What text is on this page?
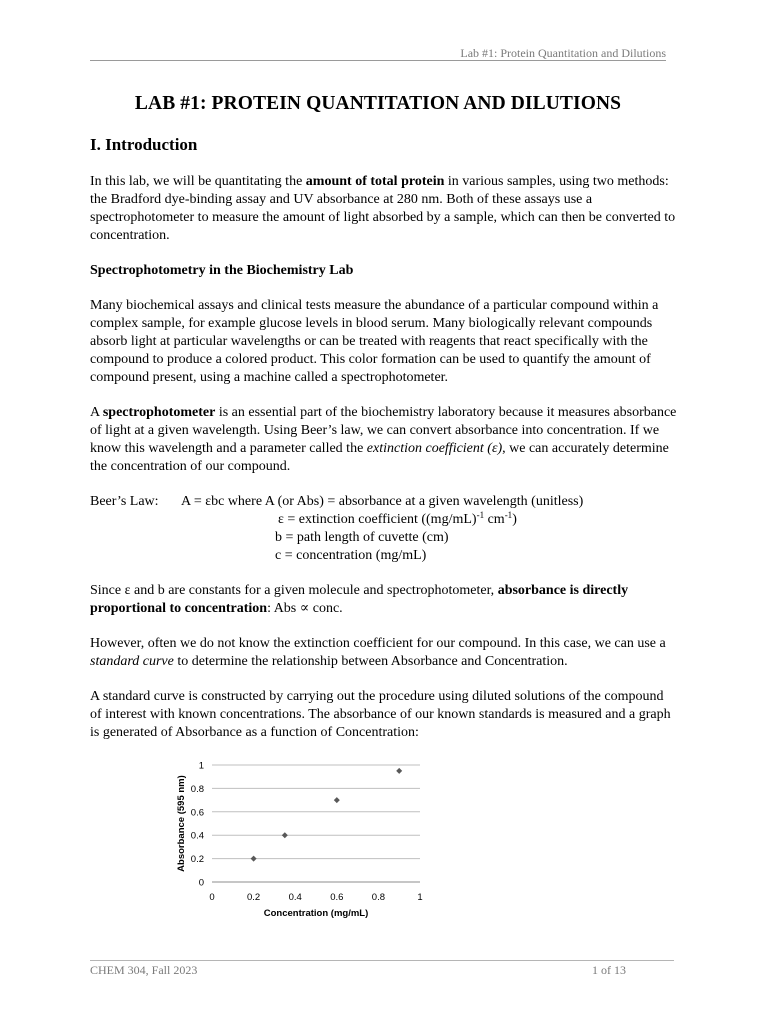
Lab #1: Protein Quantitation and Dilutions
LAB #1: PROTEIN QUANTITATION AND DILUTIONS
I. Introduction

In this lab, we will be quantitating the amount of total protein in various samples, using two methods: the Bradford dye-binding assay and UV absorbance at 280 nm. Both of these assays use a spectrophotometer to measure the amount of light absorbed by a sample, which can then be converted to concentration.

Spectrophotometry in the Biochemistry Lab

Many biochemical assays and clinical tests measure the abundance of a particular compound within a complex sample, for example glucose levels in blood serum. Many biologically relevant compounds absorb light at particular wavelengths or can be treated with reagents that react specifically with the compound to produce a colored product. This color formation can be used to quantify the amount of compound present, using a machine called a spectrophotometer.

A spectrophotometer is an essential part of the biochemistry laboratory because it measures absorbance of light at a given wavelength. Using Beer’s law, we can convert absorbance into concentration. If we know this wavelength and a parameter called the extinction coefficient (ε), we can accurately determine the concentration of our compound.

Beer’s Law:	A = εbc where A (or Abs) = absorbance at a given wavelength (unitless)
ε = extinction coefficient ($(mg/mL)^{-1}$ $cm^{-1}$)
b = path length of cuvette (cm)
c = concentration (mg/mL)

Since ε and b are constants for a given molecule and spectrophotometer, absorbance is directly proportional to concentration: Abs ∝ conc.

However, often we do not know the extinction coefficient for our compound. In this case, we can use a standard curve to determine the relationship between Absorbance and Concentration.

A standard curve is constructed by carrying out the procedure using diluted solutions of the compound of interest with known concentrations. The absorbance of our known standards is measured and a graph is generated of Absorbance as a function of Concentration:

0
0.2
0.4
0.6
0.8
1
0	0.2	0.4	0.6	0.8	1
Concentration (mg/mL)
Absorbance (595 nm)
CHEM 304, Fall 2023	1 of 13
